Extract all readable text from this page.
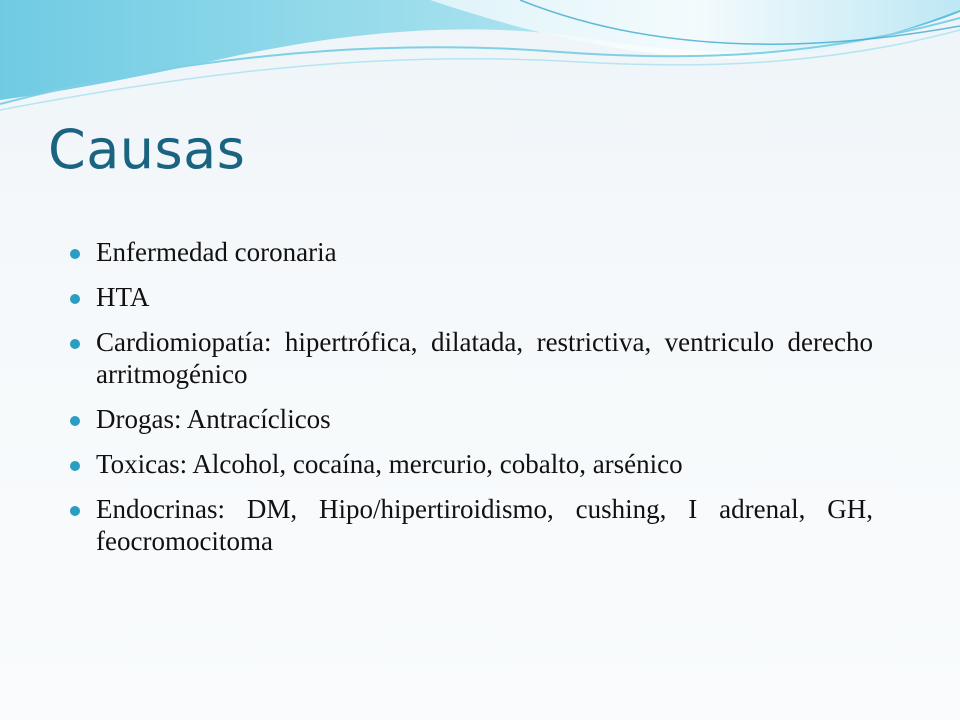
Causas
Enfermedad coronaria
HTA
Cardiomiopatía: hipertrófica, dilatada, restrictiva, ventriculo derecho arritmogénico
Drogas: Antracíclicos
Toxicas: Alcohol, cocaína, mercurio, cobalto, arsénico
Endocrinas: DM, Hipo/hipertiroidismo, cushing, I adrenal, GH, feocromocitoma
